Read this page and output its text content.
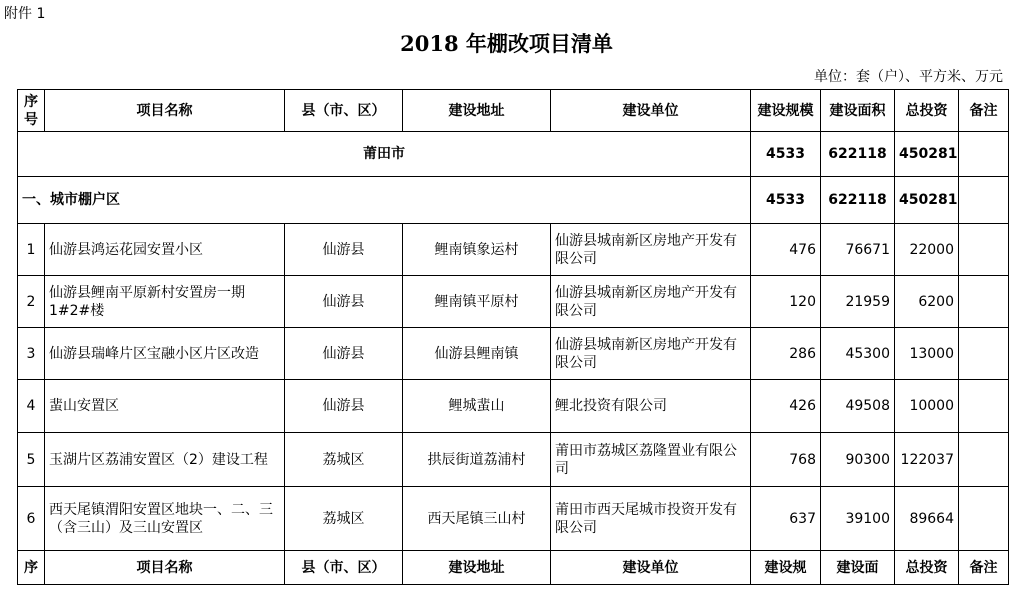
附件 1
2018 年棚改项目清单
单位：套（户）、平方米、万元
序号	项目名称	县（市、区）	建设地址	建设单位	建设规模	建设面积	总投资	备注
莆田市					4533	622118	450281	
一、城市棚户区					4533	622118	450281	
1	仙游县鸿运花园安置小区	仙游县	鲤南镇象运村	仙游县城南新区房地产开发有限公司	476	76671	22000	
2	仙游县鲤南平原新村安置房一期 1#2#楼	仙游县	鲤南镇平原村	仙游县城南新区房地产开发有限公司	120	21959	6200	
3	仙游县瑞峰片区宝融小区片区改造	仙游县	仙游县鲤南镇	仙游县城南新区房地产开发有限公司	286	45300	13000	
4	蜚山安置区	仙游县	鲤城蜚山	鲤北投资有限公司	426	49508	10000	
5	玉湖片区荔浦安置区（2）建设工程	荔城区	拱辰街道荔浦村	莆田市荔城区荔隆置业有限公司	768	90300	122037	
6	西天尾镇渭阳安置区地块一、二、三（含三山）及三山安置区	荔城区	西天尾镇三山村	莆田市西天尾城市投资开发有限公司	637	39100	89664	
序	项目名称	县（市、区）	建设地址	建设单位	建设规	建设面	总投资	备注
